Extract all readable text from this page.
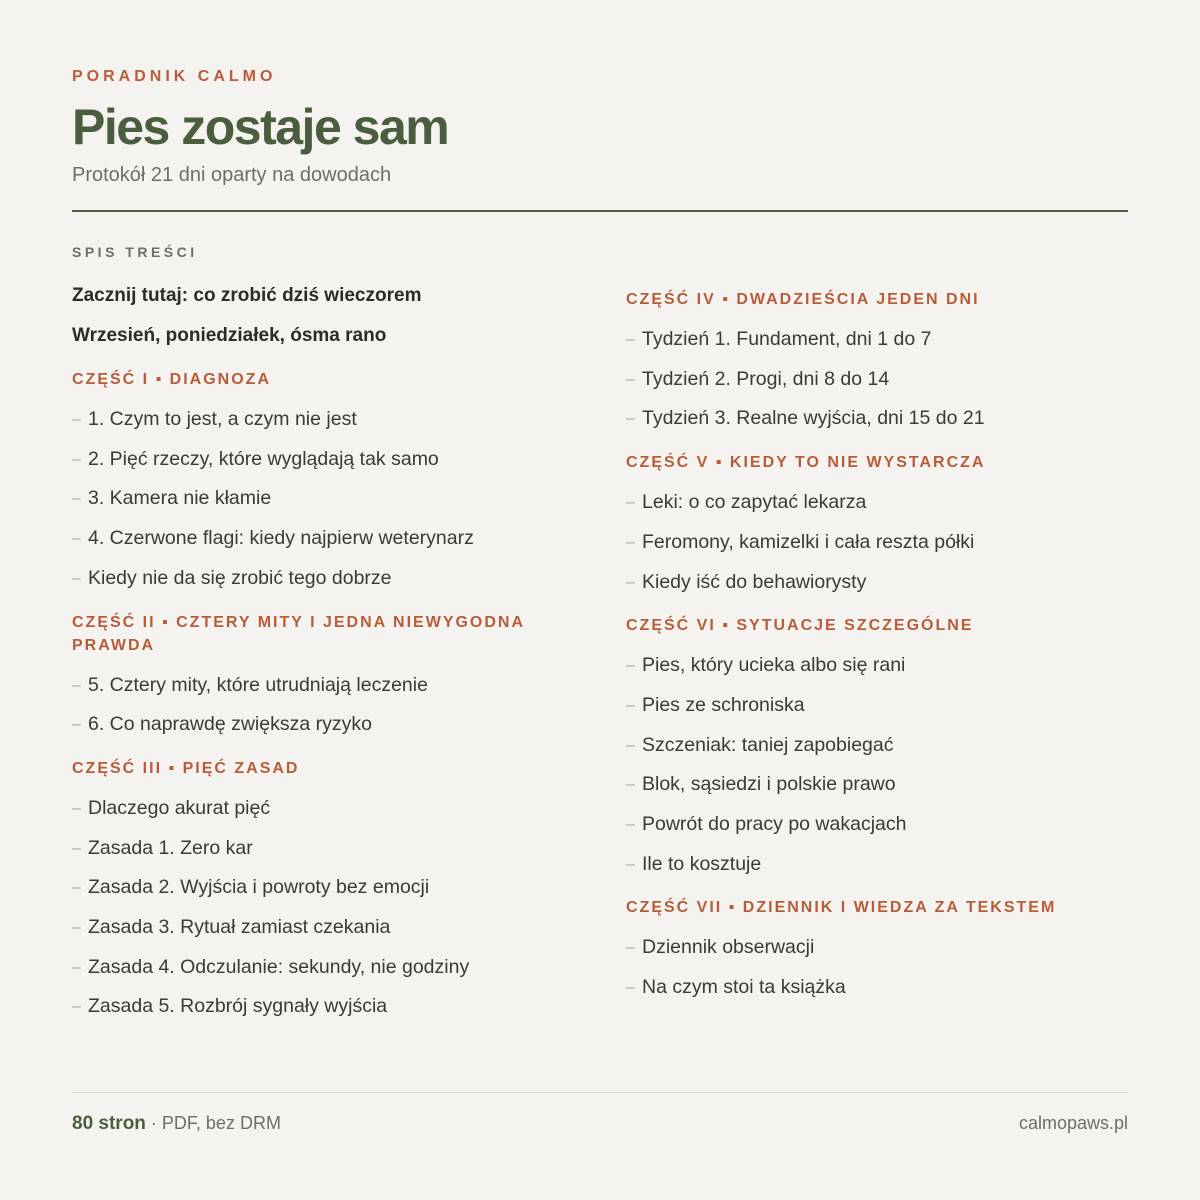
PORADNIK CALMO
Pies zostaje sam
Protokół 21 dni oparty na dowodach
SPIS TREŚCI
Zacznij tutaj: co zrobić dziś wieczorem
Wrzesień, poniedziałek, ósma rano
CZĘŚĆ I ▪ DIAGNOZA
– 1. Czym to jest, a czym nie jest
– 2. Pięć rzeczy, które wyglądają tak samo
– 3. Kamera nie kłamie
– 4. Czerwone flagi: kiedy najpierw weterynarz
– Kiedy nie da się zrobić tego dobrze
CZĘŚĆ II ▪ CZTERY MITY I JEDNA NIEWYGODNA PRAWDA
– 5. Cztery mity, które utrudniają leczenie
– 6. Co naprawdę zwiększa ryzyko
CZĘŚĆ III ▪ PIĘĆ ZASAD
– Dlaczego akurat pięć
– Zasada 1. Zero kar
– Zasada 2. Wyjścia i powroty bez emocji
– Zasada 3. Rytuał zamiast czekania
– Zasada 4. Odczulanie: sekundy, nie godziny
– Zasada 5. Rozbrój sygnały wyjścia
CZĘŚĆ IV ▪ DWADZIEŚCIA JEDEN DNI
– Tydzień 1. Fundament, dni 1 do 7
– Tydzień 2. Progi, dni 8 do 14
– Tydzień 3. Realne wyjścia, dni 15 do 21
CZĘŚĆ V ▪ KIEDY TO NIE WYSTARCZA
– Leki: o co zapytać lekarza
– Feromony, kamizelki i cała reszta półki
– Kiedy iść do behawiorysty
CZĘŚĆ VI ▪ SYTUACJE SZCZEGÓLNE
– Pies, który ucieka albo się rani
– Pies ze schroniska
– Szczeniak: taniej zapobiegać
– Blok, sąsiedzi i polskie prawo
– Powrót do pracy po wakacjach
– Ile to kosztuje
CZĘŚĆ VII ▪ DZIENNIK I WIEDZA ZA TEKSTEM
– Dziennik obserwacji
– Na czym stoi ta książka
80 stron · PDF, bez DRM	calmopaws.pl
